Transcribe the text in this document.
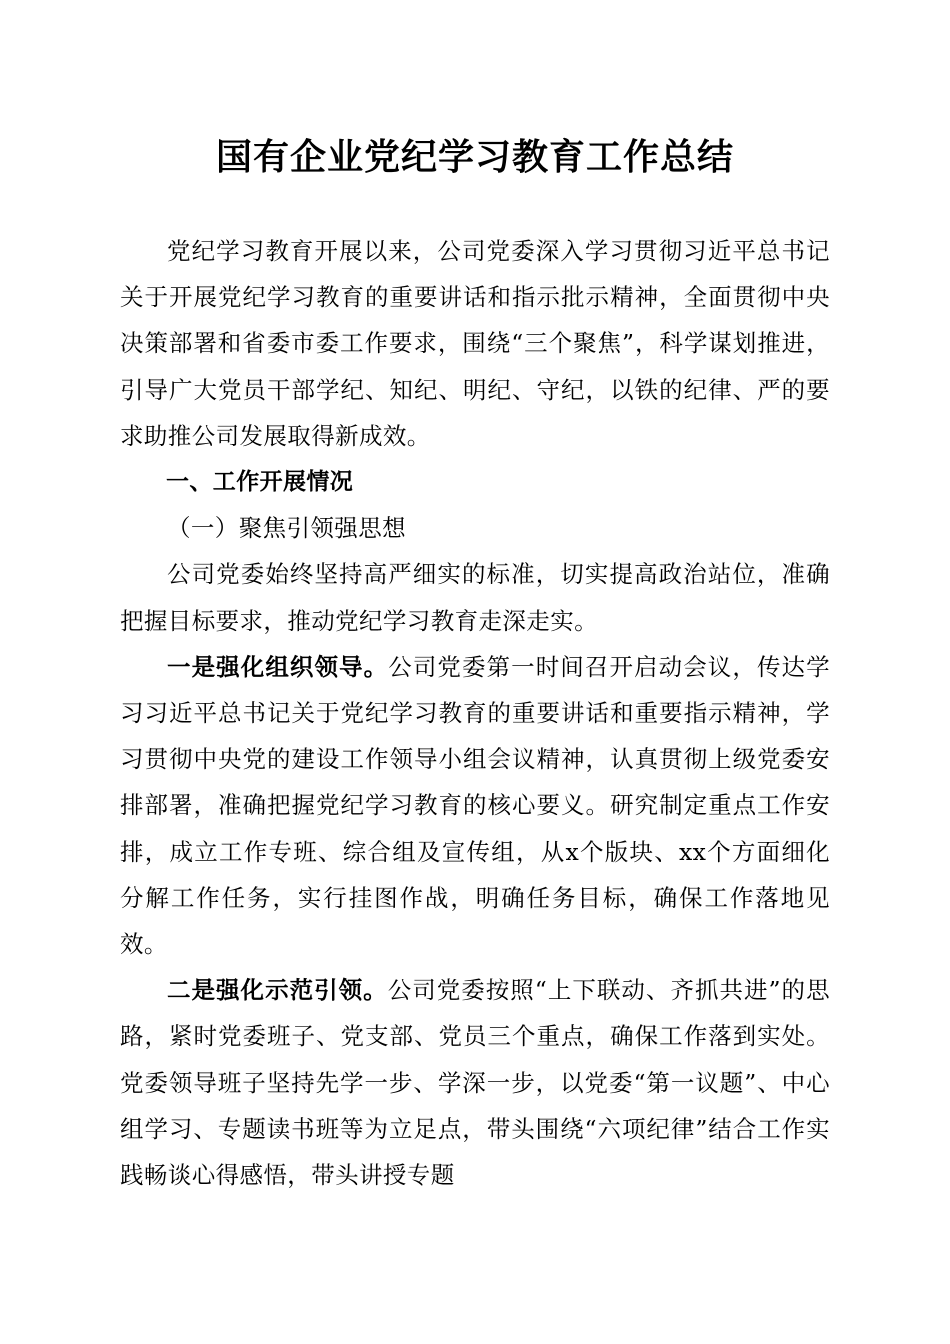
国有企业党纪学习教育工作总结

党纪学习教育开展以来，公司党委深入学习贯彻习近平总书记关于开展党纪学习教育的重要讲话和指示批示精神，全面贯彻中央决策部署和省委市委工作要求，围绕“三个聚焦”，科学谋划推进，引导广大党员干部学纪、知纪、明纪、守纪，以铁的纪律、严的要求助推公司发展取得新成效。

一、工作开展情况

（一）聚焦引领强思想

公司党委始终坚持高严细实的标准，切实提高政治站位，准确把握目标要求，推动党纪学习教育走深走实。

一是强化组织领导。公司党委第一时间召开启动会议，传达学习习近平总书记关于党纪学习教育的重要讲话和重要指示精神，学习贯彻中央党的建设工作领导小组会议精神，认真贯彻上级党委安排部署，准确把握党纪学习教育的核心要义。研究制定重点工作安排，成立工作专班、综合组及宣传组，从x个版块、xx个方面细化分解工作任务，实行挂图作战，明确任务目标，确保工作落地见效。

二是强化示范引领。公司党委按照“上下联动、齐抓共进”的思路，紧时党委班子、党支部、党员三个重点，确保工作落到实处。党委领导班子坚持先学一步、学深一步，以党委“第一议题”、中心组学习、专题读书班等为立足点，带头围绕“六项纪律”结合工作实践畅谈心得感悟，带头讲授专题
